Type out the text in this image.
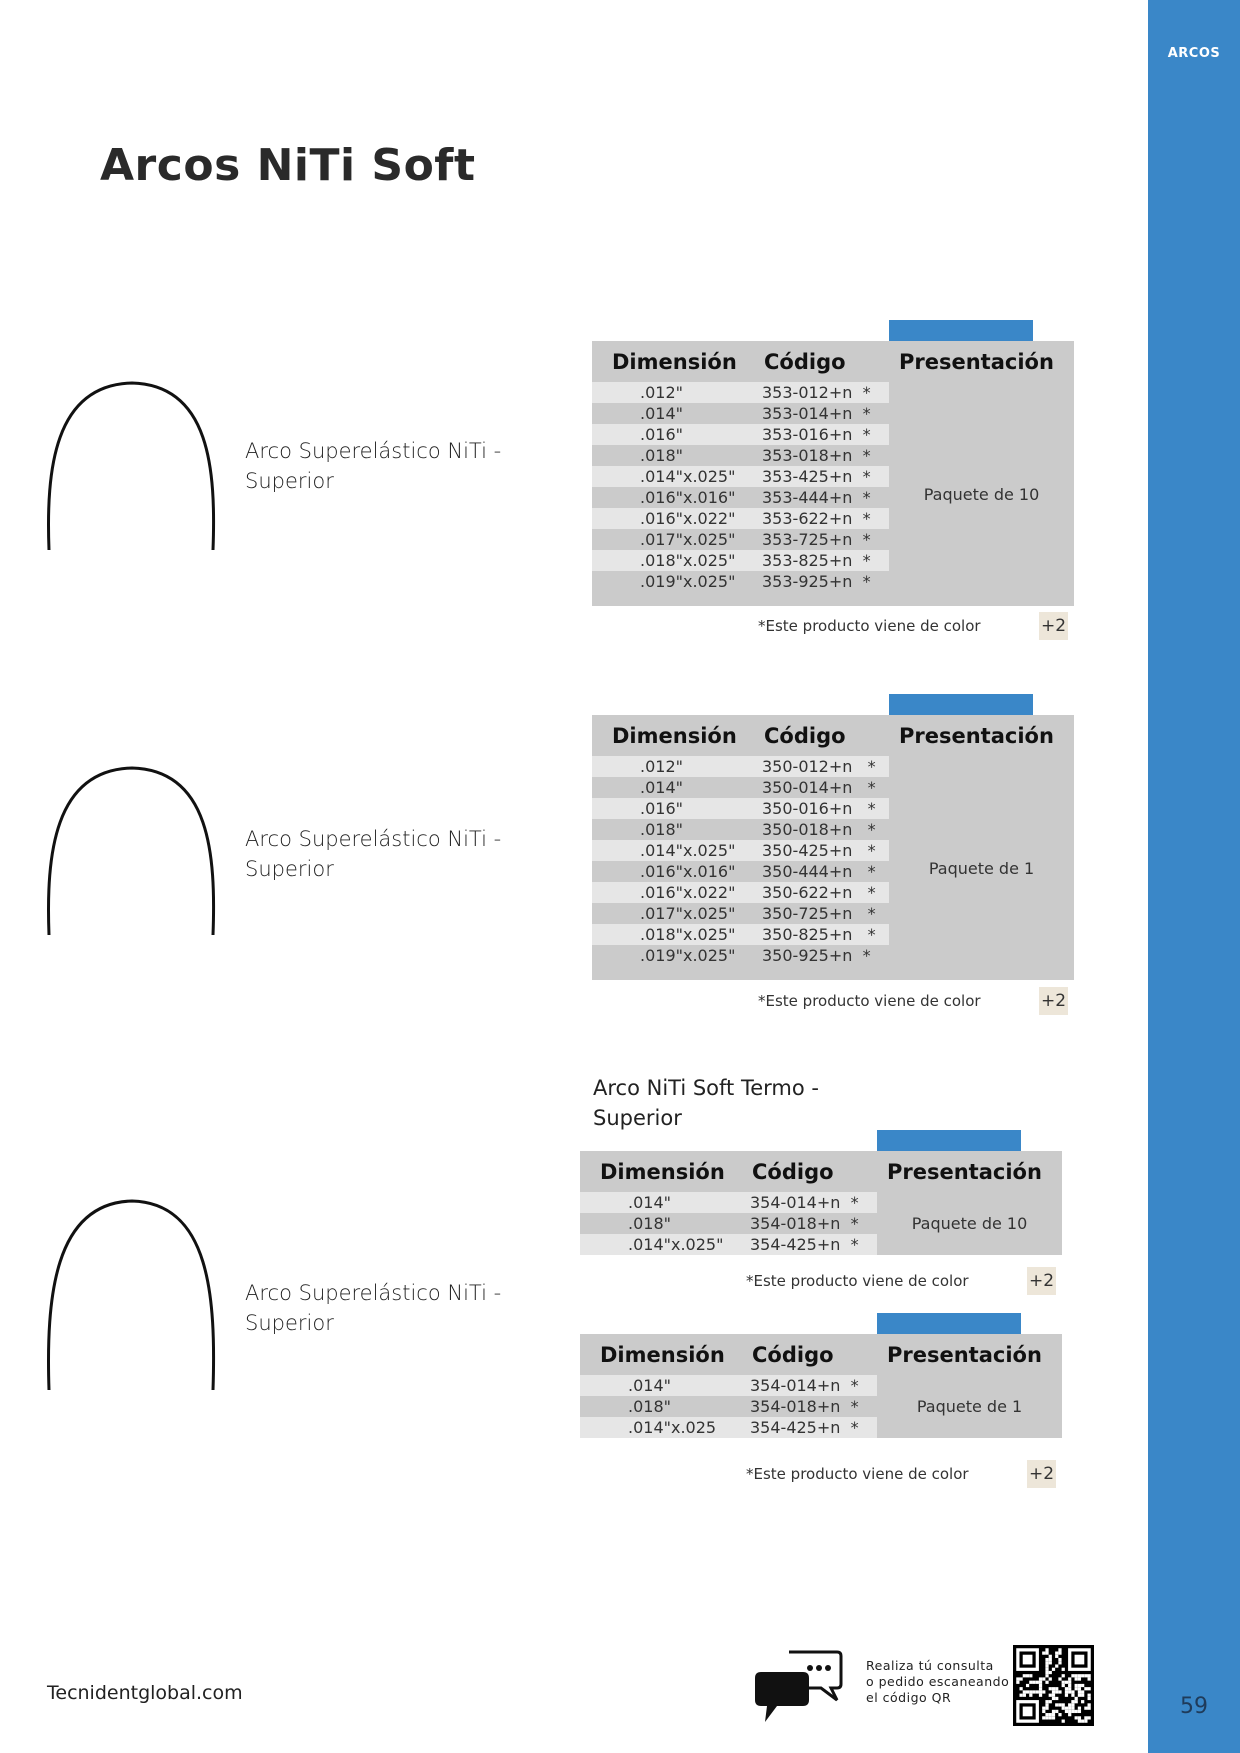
ARCOS
59
Arcos NiTi Soft
Arco Superelástico NiTi - Superior
Arco Superelástico NiTi - Superior
Arco Superelástico NiTi - Superior
Arco NiTi Soft Termo - Superior
Dimensión	Código	Presentación
.012"	353-012+n  *
.014"	353-014+n  *
.016"	353-016+n  *
.018"	353-018+n  *
.014"x.025"	353-425+n  *
.016"x.016"	353-444+n  *
.016"x.022"	353-622+n  *
.017"x.025"	353-725+n  *
.018"x.025"	353-825+n  *
.019"x.025"	353-925+n  *
Paquete de 10
*Este producto viene de color	+2
Dimensión	Código	Presentación
.012"	350-012+n   *
.014"	350-014+n   *
.016"	350-016+n   *
.018"	350-018+n   *
.014"x.025"	350-425+n   *
.016"x.016"	350-444+n   *
.016"x.022"	350-622+n   *
.017"x.025"	350-725+n   *
.018"x.025"	350-825+n   *
.019"x.025"	350-925+n  *
Paquete de 1
*Este producto viene de color	+2
Dimensión	Código	Presentación
.014"	354-014+n  *
.018"	354-018+n  *
.014"x.025"	354-425+n  *
Paquete de 10
*Este producto viene de color	+2
Dimensión	Código	Presentación
.014"	354-014+n  *
.018"	354-018+n  *
.014"x.025	354-425+n  *
Paquete de 1
*Este producto viene de color	+2
Tecnidentglobal.com
Realiza tú consulta
o pedido escaneando
el código QR
